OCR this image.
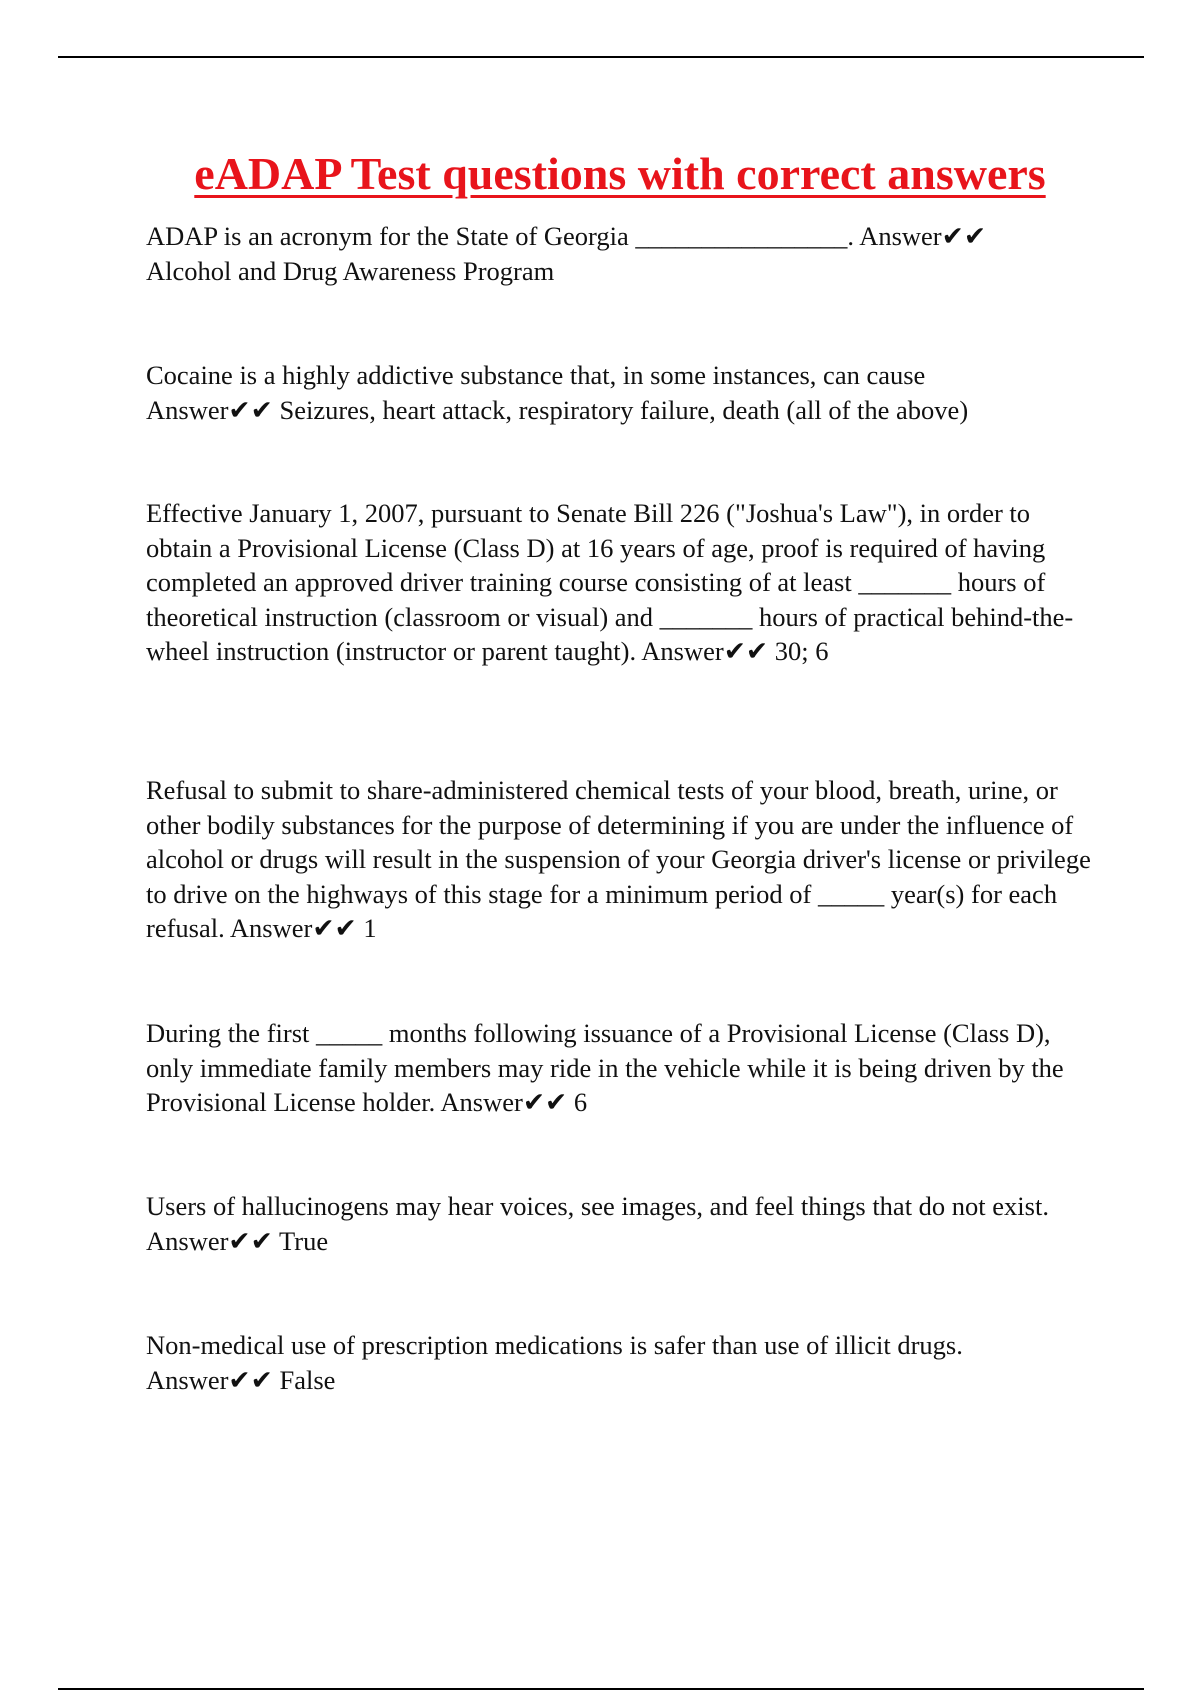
eADAP Test questions with correct answers

ADAP is an acronym for the State of Georgia ________________. Answer✔✔
Alcohol and Drug Awareness Program

Cocaine is a highly addictive substance that, in some instances, can cause
Answer✔✔ Seizures, heart attack, respiratory failure, death (all of the above)

Effective January 1, 2007, pursuant to Senate Bill 226 ("Joshua's Law"), in order to obtain a Provisional License (Class D) at 16 years of age, proof is required of having completed an approved driver training course consisting of at least _______ hours of theoretical instruction (classroom or visual) and _______ hours of practical behind-the-wheel instruction (instructor or parent taught). Answer✔✔ 30; 6

Refusal to submit to share-administered chemical tests of your blood, breath, urine, or other bodily substances for the purpose of determining if you are under the influence of alcohol or drugs will result in the suspension of your Georgia driver's license or privilege to drive on the highways of this stage for a minimum period of _____ year(s) for each refusal. Answer✔✔ 1

During the first _____ months following issuance of a Provisional License (Class D), only immediate family members may ride in the vehicle while it is being driven by the Provisional License holder. Answer✔✔ 6

Users of hallucinogens may hear voices, see images, and feel things that do not exist. Answer✔✔ True

Non-medical use of prescription medications is safer than use of illicit drugs.
Answer✔✔ False
